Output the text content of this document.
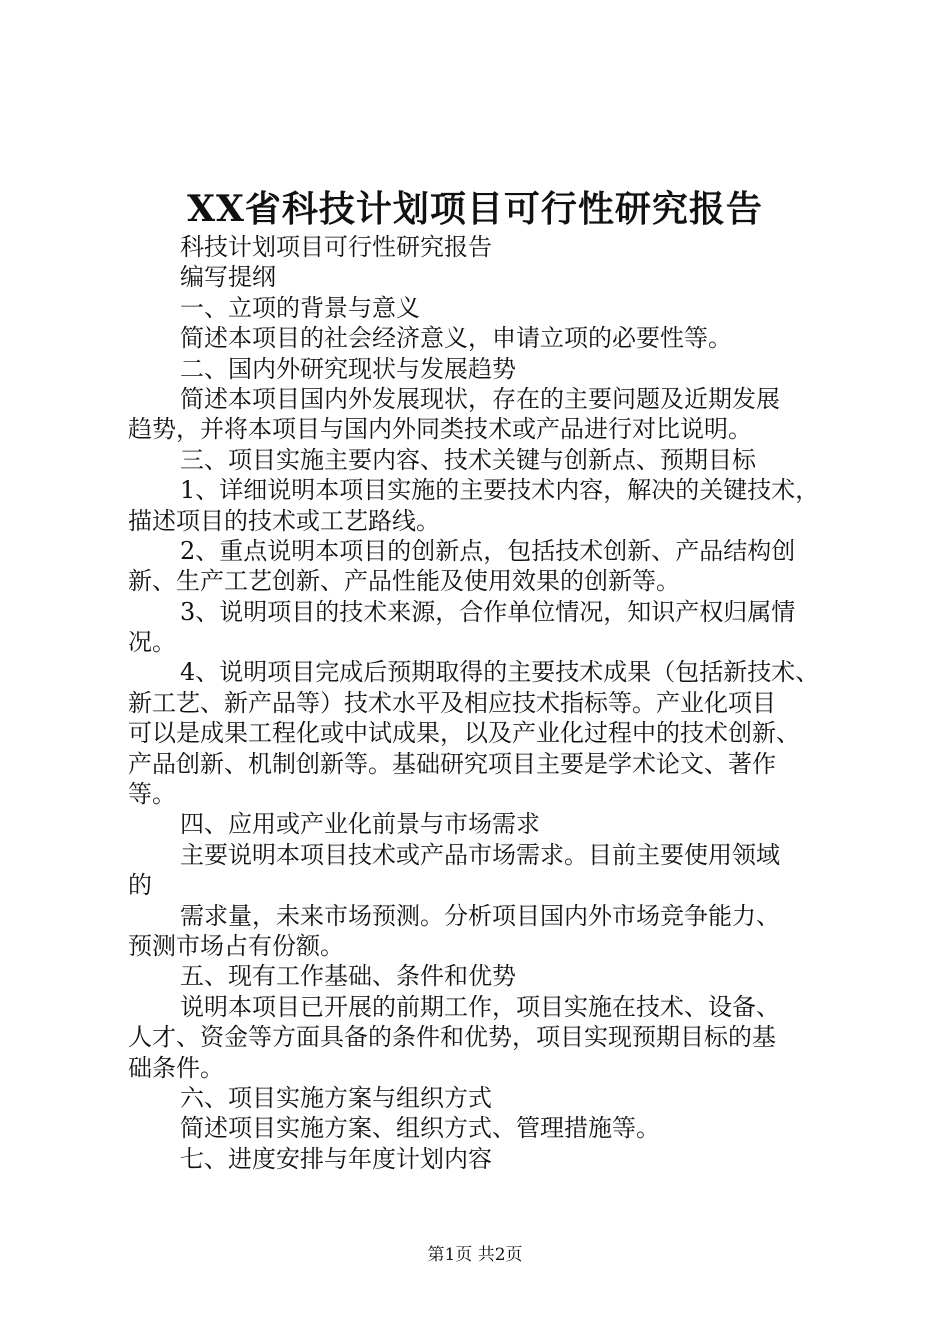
XX省科技计划项目可行性研究报告
科技计划项目可行性研究报告
编写提纲
一、立项的背景与意义
简述本项目的社会经济意义，申请立项的必要性等。
二、国内外研究现状与发展趋势
简述本项目国内外发展现状，存在的主要问题及近期发展
趋势，并将本项目与国内外同类技术或产品进行对比说明。
三、项目实施主要内容、技术关键与创新点、预期目标
1、详细说明本项目实施的主要技术内容，解决的关键技术，
描述项目的技术或工艺路线。
2、重点说明本项目的创新点，包括技术创新、产品结构创
新、生产工艺创新、产品性能及使用效果的创新等。
3、说明项目的技术来源，合作单位情况，知识产权归属情
况。
4、说明项目完成后预期取得的主要技术成果（包括新技术、
新工艺、新产品等）技术水平及相应技术指标等。产业化项目
可以是成果工程化或中试成果，以及产业化过程中的技术创新、
产品创新、机制创新等。基础研究项目主要是学术论文、著作
等。
四、应用或产业化前景与市场需求
主要说明本项目技术或产品市场需求。目前主要使用领域
的
需求量，未来市场预测。分析项目国内外市场竞争能力、
预测市场占有份额。
五、现有工作基础、条件和优势
说明本项目已开展的前期工作，项目实施在技术、设备、
人才、资金等方面具备的条件和优势，项目实现预期目标的基
础条件。
六、项目实施方案与组织方式
简述项目实施方案、组织方式、管理措施等。
七、进度安排与年度计划内容
第1页 共2页
